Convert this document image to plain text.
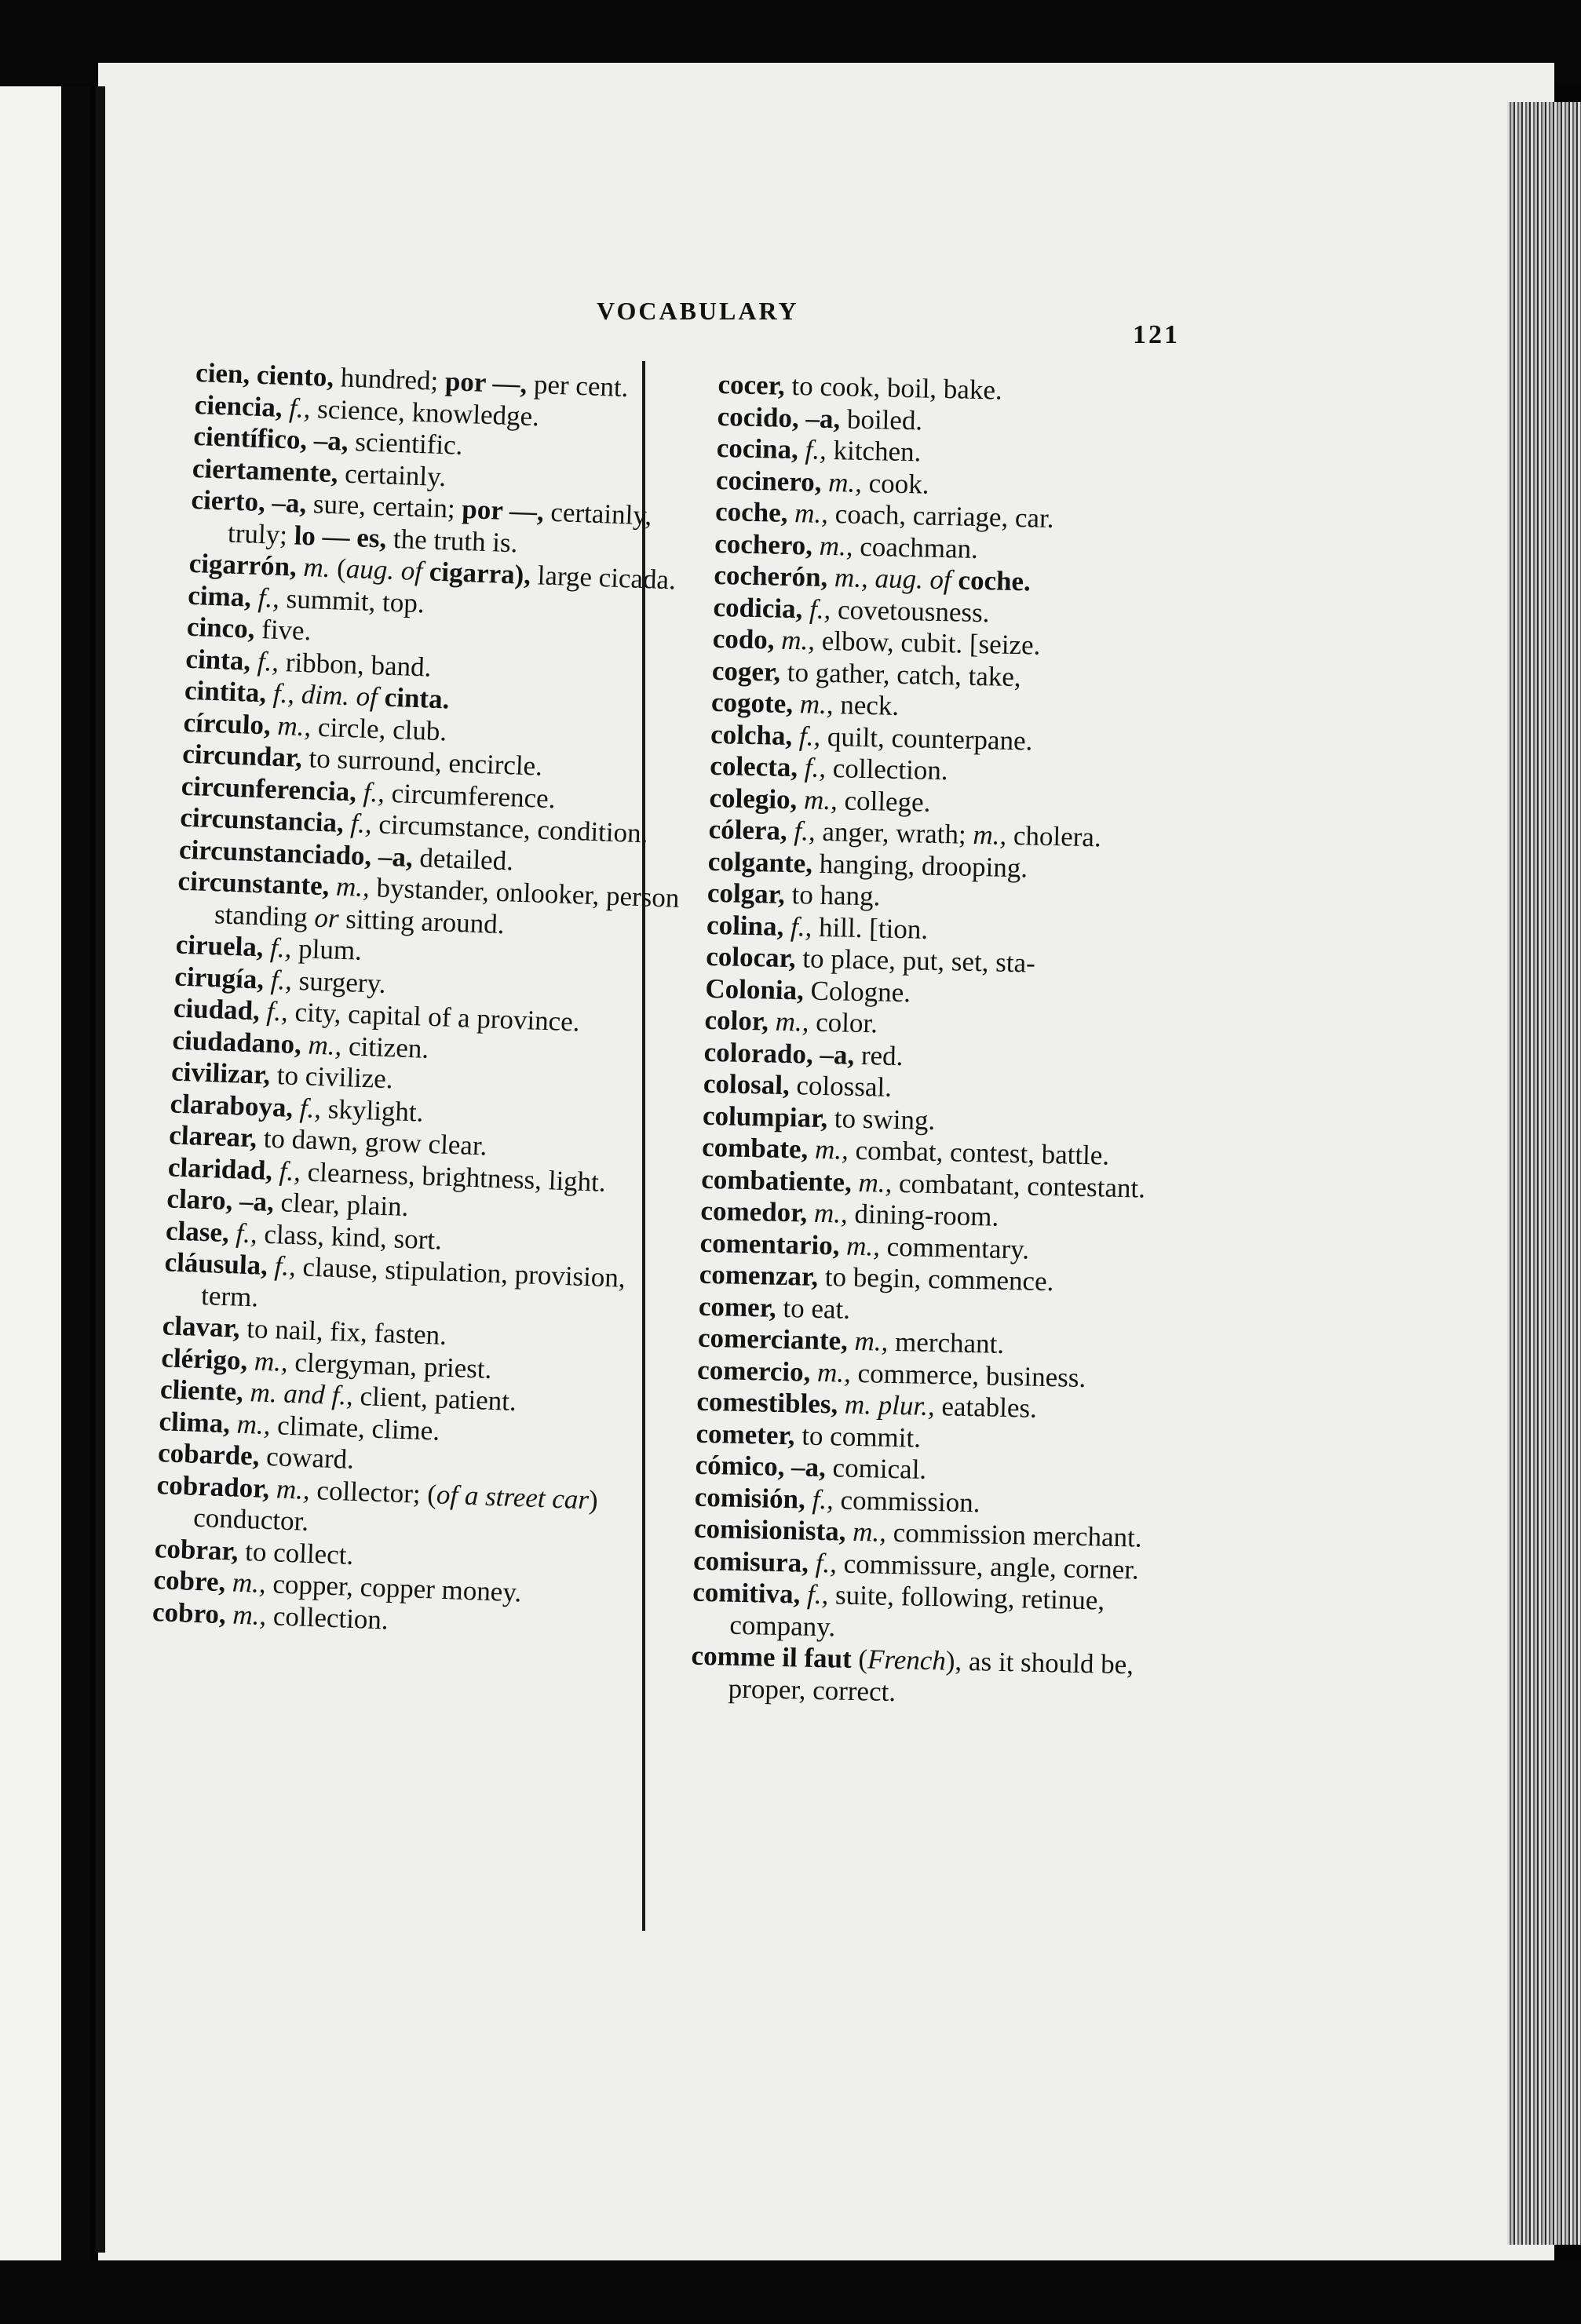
VOCABULARY
121
cien, ciento, hundred; por —, per cent.
ciencia, f., science, knowledge.
científico, –a, scientific.
ciertamente, certainly.
cierto, –a, sure, certain; por —, certainly, truly; lo — es, the truth is.
cigarrón, m. (aug. of cigarra), large cicada.
cima, f., summit, top.
cinco, five.
cinta, f., ribbon, band.
cintita, f., dim. of cinta.
círculo, m., circle, club.
circundar, to surround, encircle.
circunferencia, f., circumference.
circunstancia, f., circumstance, condition.
circunstanciado, –a, detailed.
circunstante, m., bystander, onlooker, person standing or sitting around.
ciruela, f., plum.
cirugía, f., surgery.
ciudad, f., city, capital of a province.
ciudadano, m., citizen.
civilizar, to civilize.
claraboya, f., skylight.
clarear, to dawn, grow clear.
claridad, f., clearness, brightness, light.
claro, –a, clear, plain.
clase, f., class, kind, sort.
cláusula, f., clause, stipulation, provision, term.
clavar, to nail, fix, fasten.
clérigo, m., clergyman, priest.
cliente, m. and f., client, patient.
clima, m., climate, clime.
cobarde, coward.
cobrador, m., collector; (of a street car) conductor.
cobrar, to collect.
cobre, m., copper, copper money.
cobro, m., collection.
cocer, to cook, boil, bake.
cocido, –a, boiled.
cocina, f., kitchen.
cocinero, m., cook.
coche, m., coach, carriage, car.
cochero, m., coachman.
cocherón, m., aug. of coche.
codicia, f., covetousness.
codo, m., elbow, cubit. [seize.
coger, to gather, catch, take,
cogote, m., neck.
colcha, f., quilt, counterpane.
colecta, f., collection.
colegio, m., college.
cólera, f., anger, wrath; m., cholera.
colgante, hanging, drooping.
colgar, to hang.
colina, f., hill. [tion.
colocar, to place, put, set, sta-
Colonia, Cologne.
color, m., color.
colorado, –a, red.
colosal, colossal.
columpiar, to swing.
combate, m., combat, contest, battle.
combatiente, m., combatant, contestant.
comedor, m., dining-room.
comentario, m., commentary.
comenzar, to begin, commence.
comer, to eat.
comerciante, m., merchant.
comercio, m., commerce, business.
comestibles, m. plur., eatables.
cometer, to commit.
cómico, –a, comical.
comisión, f., commission.
comisionista, m., commission merchant.
comisura, f., commissure, angle, corner.
comitiva, f., suite, following, retinue, company.
comme il faut (French), as it should be, proper, correct.
